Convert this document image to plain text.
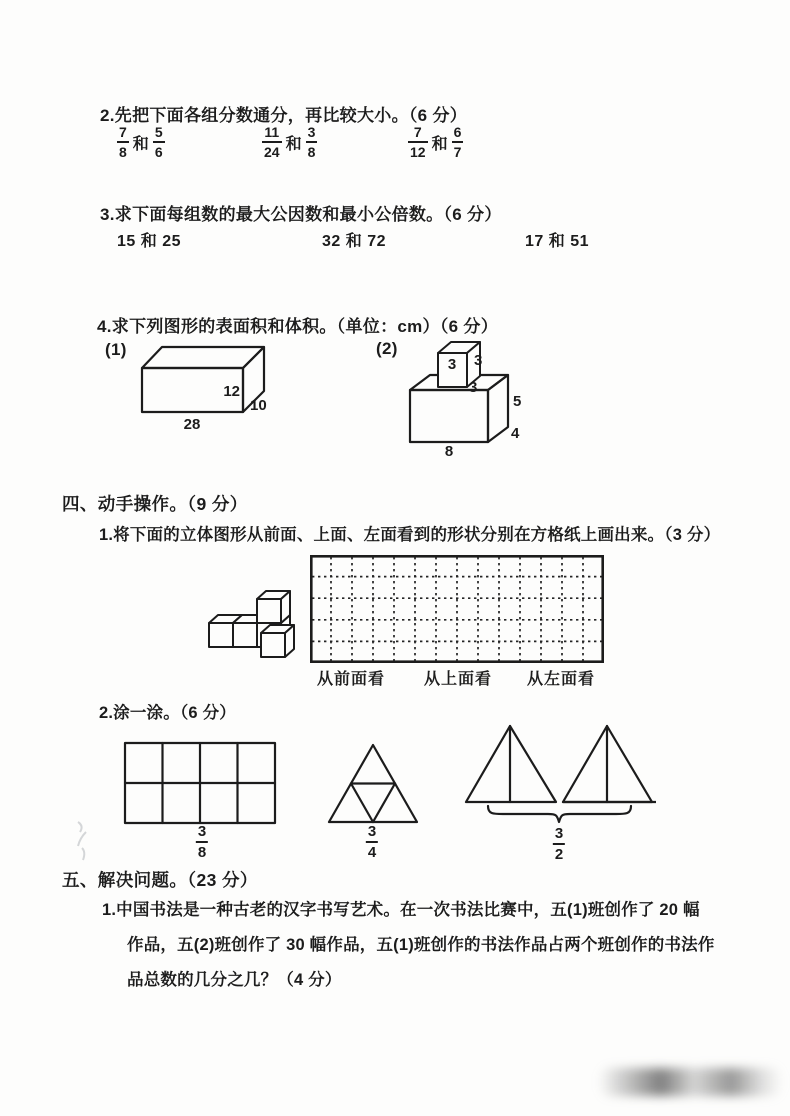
2.先把下面各组分数通分，再比较大小。（6 分）
$\frac{7}{8}$ 和 $\frac{5}{6}$	$\frac{11}{24}$ 和 $\frac{3}{8}$	$\frac{7}{12}$ 和 $\frac{6}{7}$
3.求下面每组数的最大公因数和最小公倍数。（6 分）
15 和 25	32 和 72	17 和 51
4.求下列图形的表面积和体积。（单位：cm）（6 分）
(1)
12
10
28
(2)
3 3
3
5
4
8
四、动手操作。（9 分）
1.将下面的立体图形从前面、上面、左面看到的形状分别在方格纸上画出来。（3 分）
从前面看 从上面看 从左面看
2.涂一涂。（6 分）
$\frac{3}{8}$	$\frac{3}{4}$	$\frac{3}{2}$
五、解决问题。（23 分）
1.中国书法是一种古老的汉字书写艺术。在一次书法比赛中，五(1)班创作了 20 幅
作品，五(2)班创作了 30 幅作品，五(1)班创作的书法作品占两个班创作的书法作
品总数的几分之几？（4 分）
